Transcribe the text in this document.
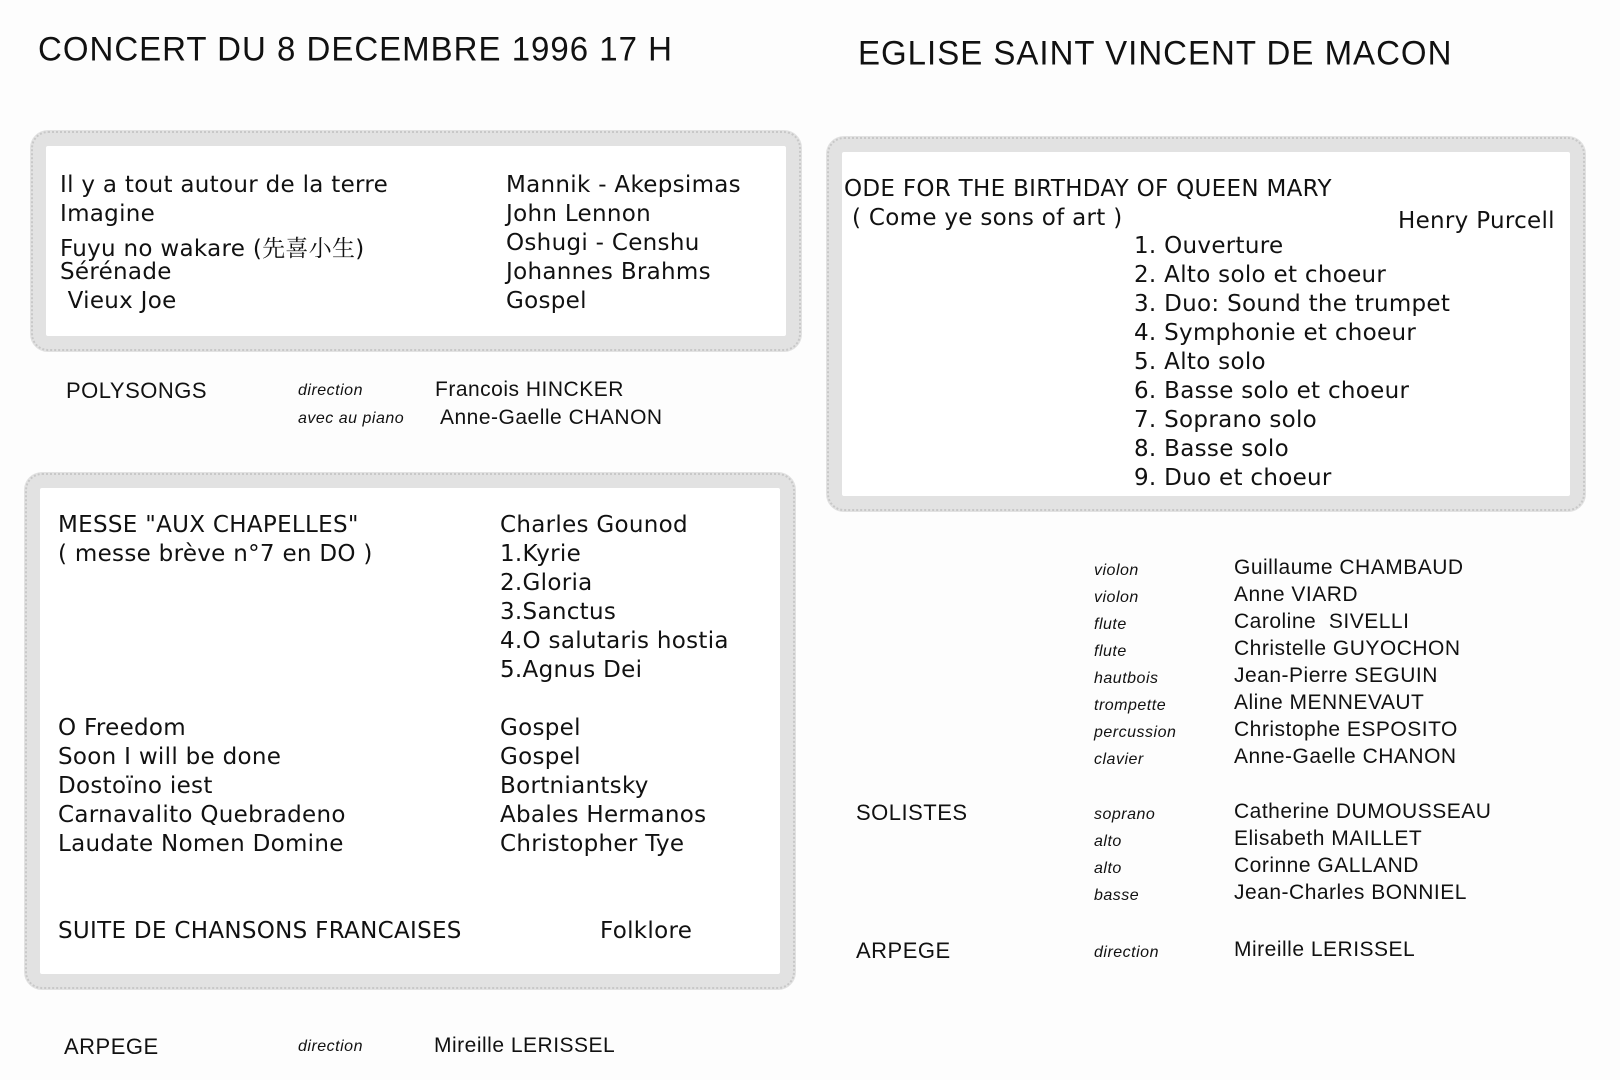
CONCERT DU 8 DECEMBRE 1996 17 H	EGLISE SAINT VINCENT DE MACON
Il y a tout autour de la terre	Mannik - Akepsimas
Imagine	John Lennon
Fuyu no wakare (先喜小生)	Oshugi - Censhu
Sérénade	Johannes Brahms
Vieux Joe	Gospel
POLYSONGS	direction	Francois HINCKER
avec au piano Anne-Gaelle CHANON
MESSE "AUX CHAPELLES"	Charles Gounod
( messe brève n°7 en DO )	1.Kyrie
2.Gloria
3.Sanctus
4.O salutaris hostia
5.Agnus Dei
O Freedom	Gospel
Soon I will be done	Gospel
Dostoïno iest	Bortniantsky
Carnavalito Quebradeno	Abales Hermanos
Laudate Nomen Domine	Christopher Tye
SUITE DE CHANSONS FRANCAISES	Folklore
ARPEGE	direction	Mireille LERISSEL
ODE FOR THE BIRTHDAY OF QUEEN MARY
( Come ye sons of art )	Henry Purcell
1. Ouverture
2. Alto solo et choeur
3. Duo: Sound the trumpet
4. Symphonie et choeur
5. Alto solo
6. Basse solo et choeur
7. Soprano solo
8. Basse solo
9. Duo et choeur
violon	Guillaume CHAMBAUD
violon	Anne VIARD
flute	Caroline  SIVELLI
flute	Christelle GUYOCHON
hautbois	Jean-Pierre SEGUIN
trompette	Aline MENNEVAUT
percussion	Christophe ESPOSITO
clavier	Anne-Gaelle CHANON
SOLISTES	soprano	Catherine DUMOUSSEAU
alto	Elisabeth MAILLET
alto	Corinne GALLAND
basse	Jean-Charles BONNIEL
ARPEGE	direction	Mireille LERISSEL
